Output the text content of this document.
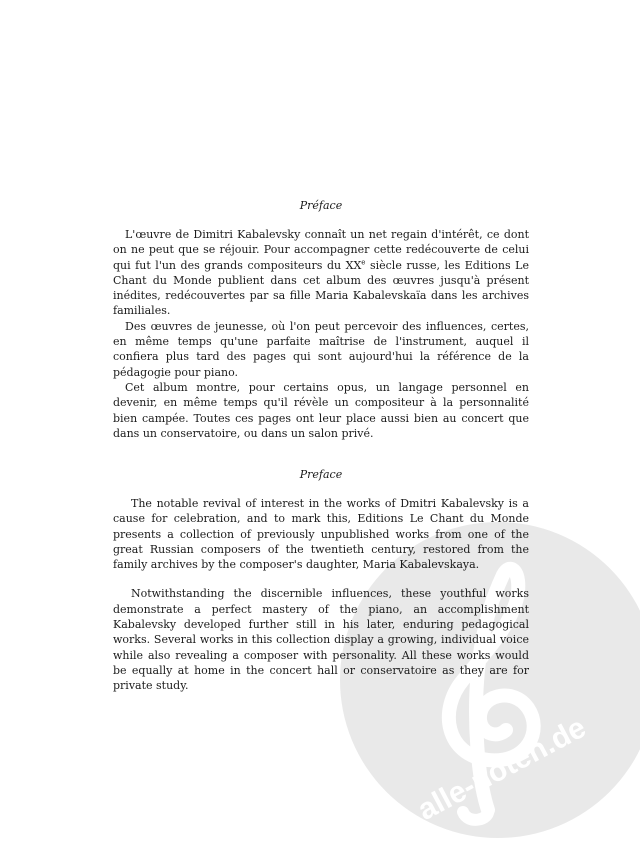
alle-noten.de
Préface

L'œuvre de Dimitri Kabalevsky connaît un net regain d'intérêt, ce dont on ne peut que se réjouir. Pour accompagner cette redécouverte de celui qui fut l'un des grands compositeurs du XXe siècle russe, les Editions Le Chant du Monde publient dans cet album des œuvres jusqu'à présent inédites, redécouvertes par sa fille Maria Kabalevskaïa dans les archives familiales.

Des œuvres de jeunesse, où l'on peut percevoir des influences, certes, en même temps qu'une parfaite maîtrise de l'instrument, auquel il confiera plus tard des pages qui sont aujourd'hui la référence de la pédagogie pour piano.

Cet album montre, pour certains opus, un langage personnel en devenir, en même temps qu'il révèle un compositeur à la personnalité bien campée. Toutes ces pages ont leur place aussi bien au concert que dans un conservatoire, ou dans un salon privé.

Preface

The notable revival of interest in the works of Dmitri Kabalevsky is a cause for celebration, and to mark this, Editions Le Chant du Monde presents a collection of previously unpublished works from one of the great Russian composers of the twentieth century, restored from the family archives by the composer's daughter, Maria Kabalevskaya.

Notwithstanding the discernible influences, these youthful works demonstrate a perfect mastery of the piano, an accomplishment Kabalevsky developed further still in his later, enduring pedagogical works. Several works in this collection display a growing, individual voice while also revealing a composer with personality. All these works would be equally at home in the concert hall or conservatoire as they are for private study.
